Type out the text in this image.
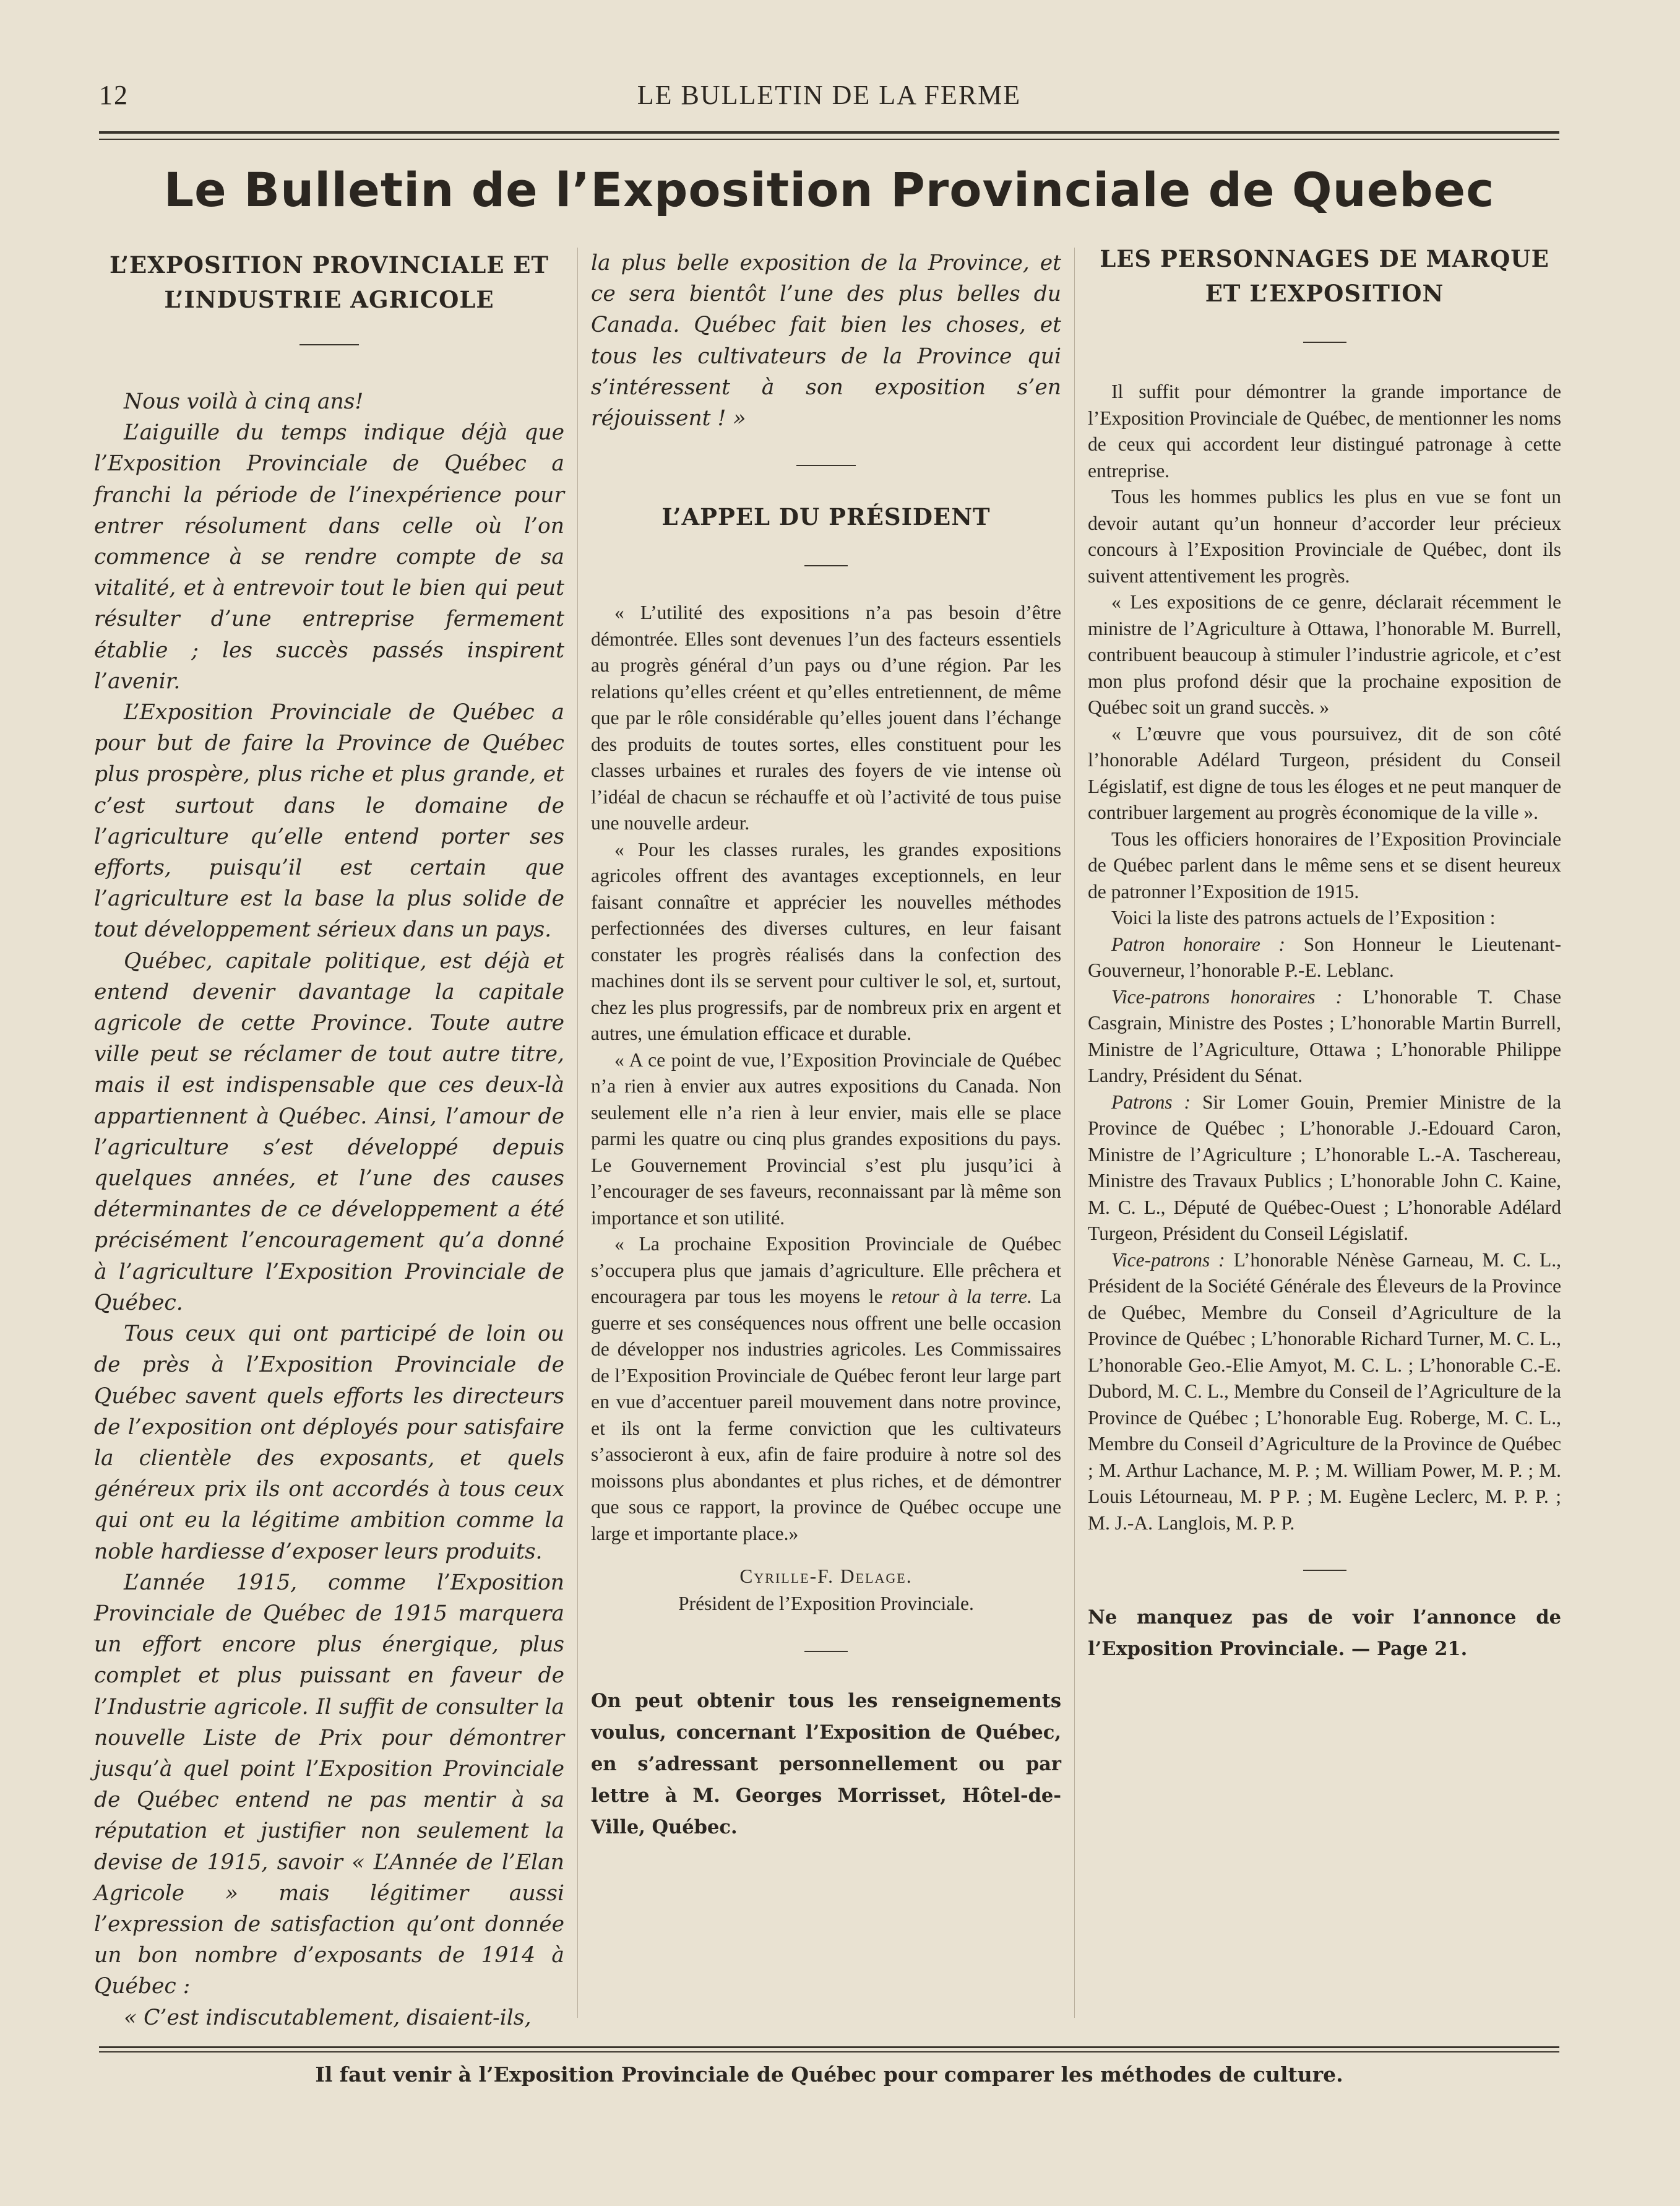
12	LE BULLETIN DE LA FERME
Le Bulletin de l’Exposition Provinciale de Quebec
L’EXPOSITION PROVINCIALE ET
L’INDUSTRIE AGRICOLE

Nous voilà à cinq ans!

L’aiguille du temps indique déjà que l’Exposition Provinciale de Québec a franchi la période de l’inexpérience pour entrer résolument dans celle où l’on commence à se rendre compte de sa vitalité, et à entrevoir tout le bien qui peut résulter d’une entreprise fermement établie ; les succès passés inspirent l’avenir.

L’Exposition Provinciale de Québec a pour but de faire la Province de Québec plus prospère, plus riche et plus grande, et c’est surtout dans le domaine de l’agriculture qu’elle entend porter ses efforts, puisqu’il est certain que l’agriculture est la base la plus solide de tout développement sérieux dans un pays.

Québec, capitale politique, est déjà et entend devenir davantage la capitale agricole de cette Province. Toute autre ville peut se réclamer de tout autre titre, mais il est indispensable que ces deux-là appartiennent à Québec. Ainsi, l’amour de l’agriculture s’est développé depuis quelques années, et l’une des causes déterminantes de ce développement a été précisément l’encouragement qu’a donné à l’agriculture l’Exposition Provinciale de Québec.

Tous ceux qui ont participé de loin ou de près à l’Exposition Provinciale de Québec savent quels efforts les directeurs de l’exposition ont déployés pour satisfaire la clientèle des exposants, et quels généreux prix ils ont accordés à tous ceux qui ont eu la légitime ambition comme la noble hardiesse d’exposer leurs produits.

L’année 1915, comme l’Exposition Provinciale de Québec de 1915 marquera un effort encore plus énergique, plus complet et plus puissant en faveur de l’Industrie agricole. Il suffit de consulter la nouvelle Liste de Prix pour démontrer jusqu’à quel point l’Exposition Provinciale de Québec entend ne pas mentir à sa réputation et justifier non seulement la devise de 1915, savoir « L’Année de l’Elan Agricole » mais légitimer aussi l’expression de satisfaction qu’ont donnée un bon nombre d’exposants de 1914 à Québec :

« C’est indiscutablement, disaient-ils,

la plus belle exposition de la Province, et ce sera bientôt l’une des plus belles du Canada. Québec fait bien les choses, et tous les cultivateurs de la Province qui s’intéressent à son exposition s’en réjouissent ! »

L’APPEL DU PRÉSIDENT

« L’utilité des expositions n’a pas besoin d’être démontrée. Elles sont devenues l’un des facteurs essentiels au progrès général d’un pays ou d’une région. Par les relations qu’elles créent et qu’elles entretiennent, de même que par le rôle considérable qu’elles jouent dans l’échange des produits de toutes sortes, elles constituent pour les classes urbaines et rurales des foyers de vie intense où l’idéal de chacun se réchauffe et où l’activité de tous puise une nouvelle ardeur.

« Pour les classes rurales, les grandes expositions agricoles offrent des avantages exceptionnels, en leur faisant connaître et apprécier les nouvelles méthodes perfectionnées des diverses cultures, en leur faisant constater les progrès réalisés dans la confection des machines dont ils se servent pour cultiver le sol, et, surtout, chez les plus progressifs, par de nombreux prix en argent et autres, une émulation efficace et durable.

« A ce point de vue, l’Exposition Provinciale de Québec n’a rien à envier aux autres expositions du Canada. Non seulement elle n’a rien à leur envier, mais elle se place parmi les quatre ou cinq plus grandes expositions du pays. Le Gouvernement Provincial s’est plu jusqu’ici à l’encourager de ses faveurs, reconnaissant par là même son importance et son utilité.

« La prochaine Exposition Provinciale de Québec s’occupera plus que jamais d’agriculture. Elle prêchera et encouragera par tous les moyens le retour à la terre. La guerre et ses conséquences nous offrent une belle occasion de développer nos industries agricoles. Les Commissaires de l’Exposition Provinciale de Québec feront leur large part en vue d’accentuer pareil mouvement dans notre province, et ils ont la ferme conviction que les cultivateurs s’associeront à eux, afin de faire produire à notre sol des moissons plus abondantes et plus riches, et de démontrer que sous ce rapport, la province de Québec occupe une large et importante place.»

Cyrille-F. Delage.
Président de l’Exposition Provinciale.

On peut obtenir tous les renseignements voulus, concernant l’Exposition de Québec, en s’adressant personnellement ou par lettre à M. Georges Morrisset, Hôtel-de-Ville, Québec.

LES PERSONNAGES DE MARQUE
ET L’EXPOSITION

Il suffit pour démontrer la grande importance de l’Exposition Provinciale de Québec, de mentionner les noms de ceux qui accordent leur distingué patronage à cette entreprise.

Tous les hommes publics les plus en vue se font un devoir autant qu’un honneur d’accorder leur précieux concours à l’Exposition Provinciale de Québec, dont ils suivent attentivement les progrès.

« Les expositions de ce genre, déclarait récemment le ministre de l’Agriculture à Ottawa, l’honorable M. Burrell, contribuent beaucoup à stimuler l’industrie agricole, et c’est mon plus profond désir que la prochaine exposition de Québec soit un grand succès. »

« L’œuvre que vous poursuivez, dit de son côté l’honorable Adélard Turgeon, président du Conseil Législatif, est digne de tous les éloges et ne peut manquer de contribuer largement au progrès économique de la ville ».

Tous les officiers honoraires de l’Exposition Provinciale de Québec parlent dans le même sens et se disent heureux de patronner l’Exposition de 1915.

Voici la liste des patrons actuels de l’Exposition :

Patron honoraire : Son Honneur le Lieutenant-Gouverneur, l’honorable P.-E. Leblanc.

Vice-patrons honoraires : L’honorable T. Chase Casgrain, Ministre des Postes ; L’honorable Martin Burrell, Ministre de l’Agriculture, Ottawa ; L’honorable Philippe Landry, Président du Sénat.

Patrons : Sir Lomer Gouin, Premier Ministre de la Province de Québec ; L’honorable J.-Edouard Caron, Ministre de l’Agriculture ; L’honorable L.-A. Taschereau, Ministre des Travaux Publics ; L’honorable John C. Kaine, M. C. L., Député de Québec-Ouest ; L’honorable Adélard Turgeon, Président du Conseil Législatif.

Vice-patrons : L’honorable Nénèse Garneau, M. C. L., Président de la Société Générale des Éleveurs de la Province de Québec, Membre du Conseil d’Agriculture de la Province de Québec ; L’honorable Richard Turner, M. C. L., L’honorable Geo.-Elie Amyot, M. C. L. ; L’honorable C.-E. Dubord, M. C. L., Membre du Conseil de l’Agriculture de la Province de Québec ; L’honorable Eug. Roberge, M. C. L., Membre du Conseil d’Agriculture de la Province de Québec ; M. Arthur Lachance, M. P. ; M. William Power, M. P. ; M. Louis Létourneau, M. P P. ; M. Eugène Leclerc, M. P. P. ; M. J.-A. Langlois, M. P. P.

Ne manquez pas de voir l’annonce de l’Exposition Provinciale. — Page 21.

Il faut venir à l’Exposition Provinciale de Québec pour comparer les méthodes de culture.
